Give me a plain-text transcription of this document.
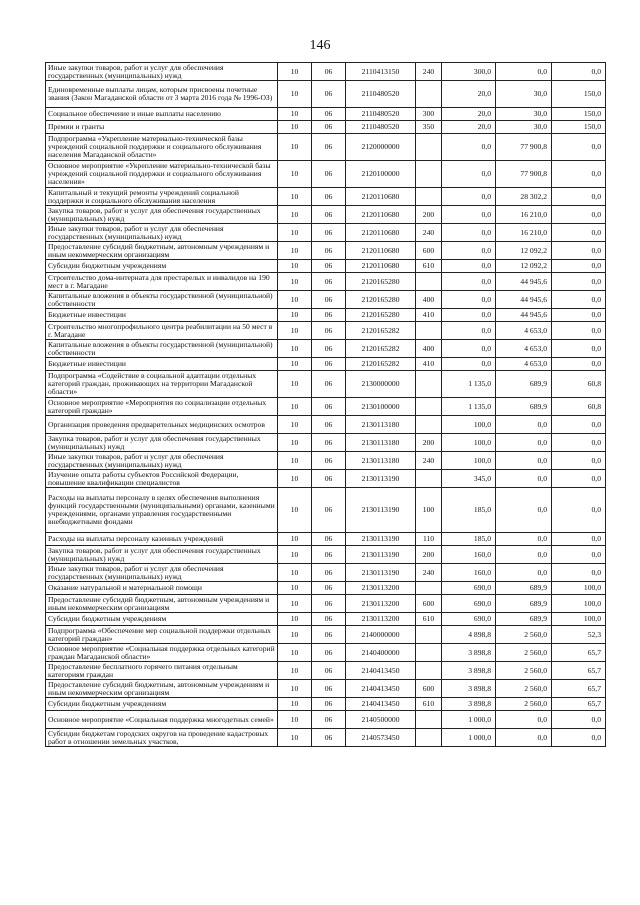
146
Иные закупки товаров, работ и услуг для обеспечения государственных (муниципальных) нужд	10	06	2110413150	240	300,0	0,0	0,0
Единовременные выплаты лицам, которым присвоены почетные звания (Закон Магаданской области от 3 марта 2016 года № 1996-ОЗ)	10	06	2110480520		20,0	30,0	150,0
Социальное обеспечение и иные выплаты населению	10	06	2110480520	300	20,0	30,0	150,0
Премии и гранты	10	06	2110480520	350	20,0	30,0	150,0
Подпрограмма «Укрепление материально-технической базы учреждений социальной поддержки и социального обслуживания населения Магаданской области»	10	06	2120000000		0,0	77 900,8	0,0
Основное мероприятие «Укрепление материально-технической базы учреждений социальной поддержки и социального обслуживания населения»	10	06	2120100000		0,0	77 900,8	0,0
Капитальный и текущий ремонты учреждений социальной поддержки и социального обслуживания населения	10	06	2120110680		0,0	28 302,2	0,0
Закупка товаров, работ и услуг для обеспечения государственных (муниципальных) нужд	10	06	2120110680	200	0,0	16 210,0	0,0
Иные закупки товаров, работ и услуг для обеспечения государственных (муниципальных) нужд	10	06	2120110680	240	0,0	16 210,0	0,0
Предоставление субсидий бюджетным, автономным учреждениям и иным некоммерческим организациям	10	06	2120110680	600	0,0	12 092,2	0,0
Субсидии бюджетным учреждениям	10	06	2120110680	610	0,0	12 092,2	0,0
Строительство дома-интерната для престарелых и инвалидов на 190 мест в г. Магадане	10	06	2120165280		0,0	44 945,6	0,0
Капитальные вложения в объекты государственной (муниципальной) собственности	10	06	2120165280	400	0,0	44 945,6	0,0
Бюджетные инвестиции	10	06	2120165280	410	0,0	44 945,6	0,0
Строительство многопрофильного центра реабилитации на 50 мест в г. Магадане	10	06	2120165282		0,0	4 653,0	0,0
Капитальные вложения в объекты государственной (муниципальной) собственности	10	06	2120165282	400	0,0	4 653,0	0,0
Бюджетные инвестиции	10	06	2120165282	410	0,0	4 653,0	0,0
Подпрограмма «Содействие в социальной адаптации отдельных категорий граждан, проживающих на территории Магаданской области»	10	06	2130000000		1 135,0	689,9	60,8
Основное мероприятие «Мероприятия по социализации отдельных категорий граждан»	10	06	2130100000		1 135,0	689,9	60,8
Организация проведения предварительных медицинских осмотров	10	06	2130113180		100,0	0,0	0,0
Закупка товаров, работ и услуг для обеспечения государственных (муниципальных) нужд	10	06	2130113180	200	100,0	0,0	0,0
Иные закупки товаров, работ и услуг для обеспечения государственных (муниципальных) нужд	10	06	2130113180	240	100,0	0,0	0,0
Изучение опыта работы субъектов Российской Федерации, повышение квалификации специалистов	10	06	2130113190		345,0	0,0	0,0
Расходы на выплаты персоналу в целях обеспечения выполнения функций государственными (муниципальными) органами, казенными учреждениями, органами управления государственными внебюджетными фондами	10	06	2130113190	100	185,0	0,0	0,0
Расходы на выплаты персоналу казенных учреждений	10	06	2130113190	110	185,0	0,0	0,0
Закупка товаров, работ и услуг для обеспечения государственных (муниципальных) нужд	10	06	2130113190	200	160,0	0,0	0,0
Иные закупки товаров, работ и услуг для обеспечения государственных (муниципальных) нужд	10	06	2130113190	240	160,0	0,0	0,0
Оказание натуральной и материальной помощи	10	06	2130113200		690,0	689,9	100,0
Предоставление субсидий бюджетным, автономным учреждениям и иным некоммерческим организациям	10	06	2130113200	600	690,0	689,9	100,0
Субсидии бюджетным учреждениям	10	06	2130113200	610	690,0	689,9	100,0
Подпрограмма «Обеспечение мер социальной поддержки отдельных категорий граждан»	10	06	2140000000		4 898,8	2 560,0	52,3
Основное мероприятие «Социальная поддержка отдельных категорий граждан Магаданской области»	10	06	2140400000		3 898,8	2 560,0	65,7
Предоставление бесплатного горячего питания отдельным категориям граждан	10	06	2140413450		3 898,8	2 560,0	65,7
Предоставление субсидий бюджетным, автономным учреждениям и иным некоммерческим организациям	10	06	2140413450	600	3 898,8	2 560,0	65,7
Субсидии бюджетным учреждениям	10	06	2140413450	610	3 898,8	2 560,0	65,7
Основное мероприятие «Социальная поддержка многодетных семей»	10	06	2140500000		1 000,0	0,0	0,0
Субсидии бюджетам городских округов на проведение кадастровых работ в отношении земельных участков,	10	06	2140573450		1 000,0	0,0	0,0
